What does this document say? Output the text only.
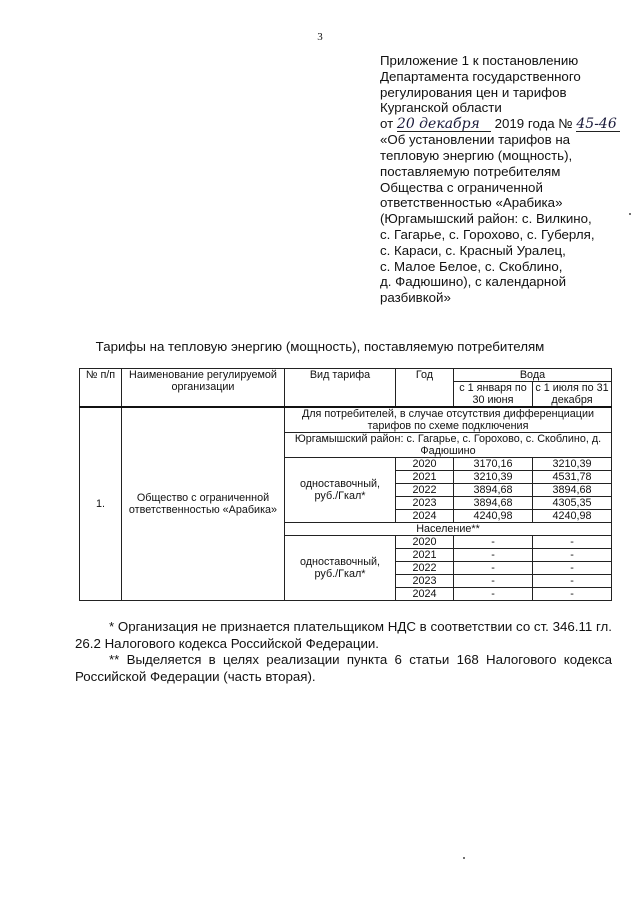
3
Приложение 1 к постановлению
Департамента государственного
регулирования цен и тарифов
Курганской области
от 20 декабря 2019 года № 45-46
«Об установлении тарифов на
тепловую энергию (мощность),
поставляемую потребителям
Общества с ограниченной
ответственностью «Арабика»
(Юргамышский район: с. Вилкино,
с. Гагарье, с. Горохово, с. Губерля,
с. Караси, с. Красный Уралец,
с. Малое Белое, с. Скоблино,
д. Фадюшино), с календарной
разбивкой»
Тарифы на тепловую энергию (мощность), поставляемую потребителям
№ п/п	Наименование регулируемой организации	Вид тарифа	Год	Вода	
				с 1 января по 30 июня	с 1 июля по 31 декабря
1.	Общество с ограниченной ответственностью «Арабика»	Для потребителей, в случае отсутствия дифференциации тарифов по схеме подключения			
		Юргамышский район: с. Гагарье, с. Горохово, с. Скоблино, д. Фадюшино			
		одноставочный, руб./Гкал*	2020	3170,16	3210,39
			2021	3210,39	4531,78
			2022	3894,68	3894,68
			2023	3894,68	4305,35
			2024	4240,98	4240,98
		Население**			
		одноставочный, руб./Гкал*	2020	-	-
			2021	-	-
			2022	-	-
			2023	-	-
			2024	-	-

* Организация не признается плательщиком НДС в соответствии со ст. 346.11 гл. 26.2 Налогового кодекса Российской Федерации.

** Выделяется в целях реализации пункта 6 статьи 168 Налогового кодекса Российской Федерации (часть вторая).
